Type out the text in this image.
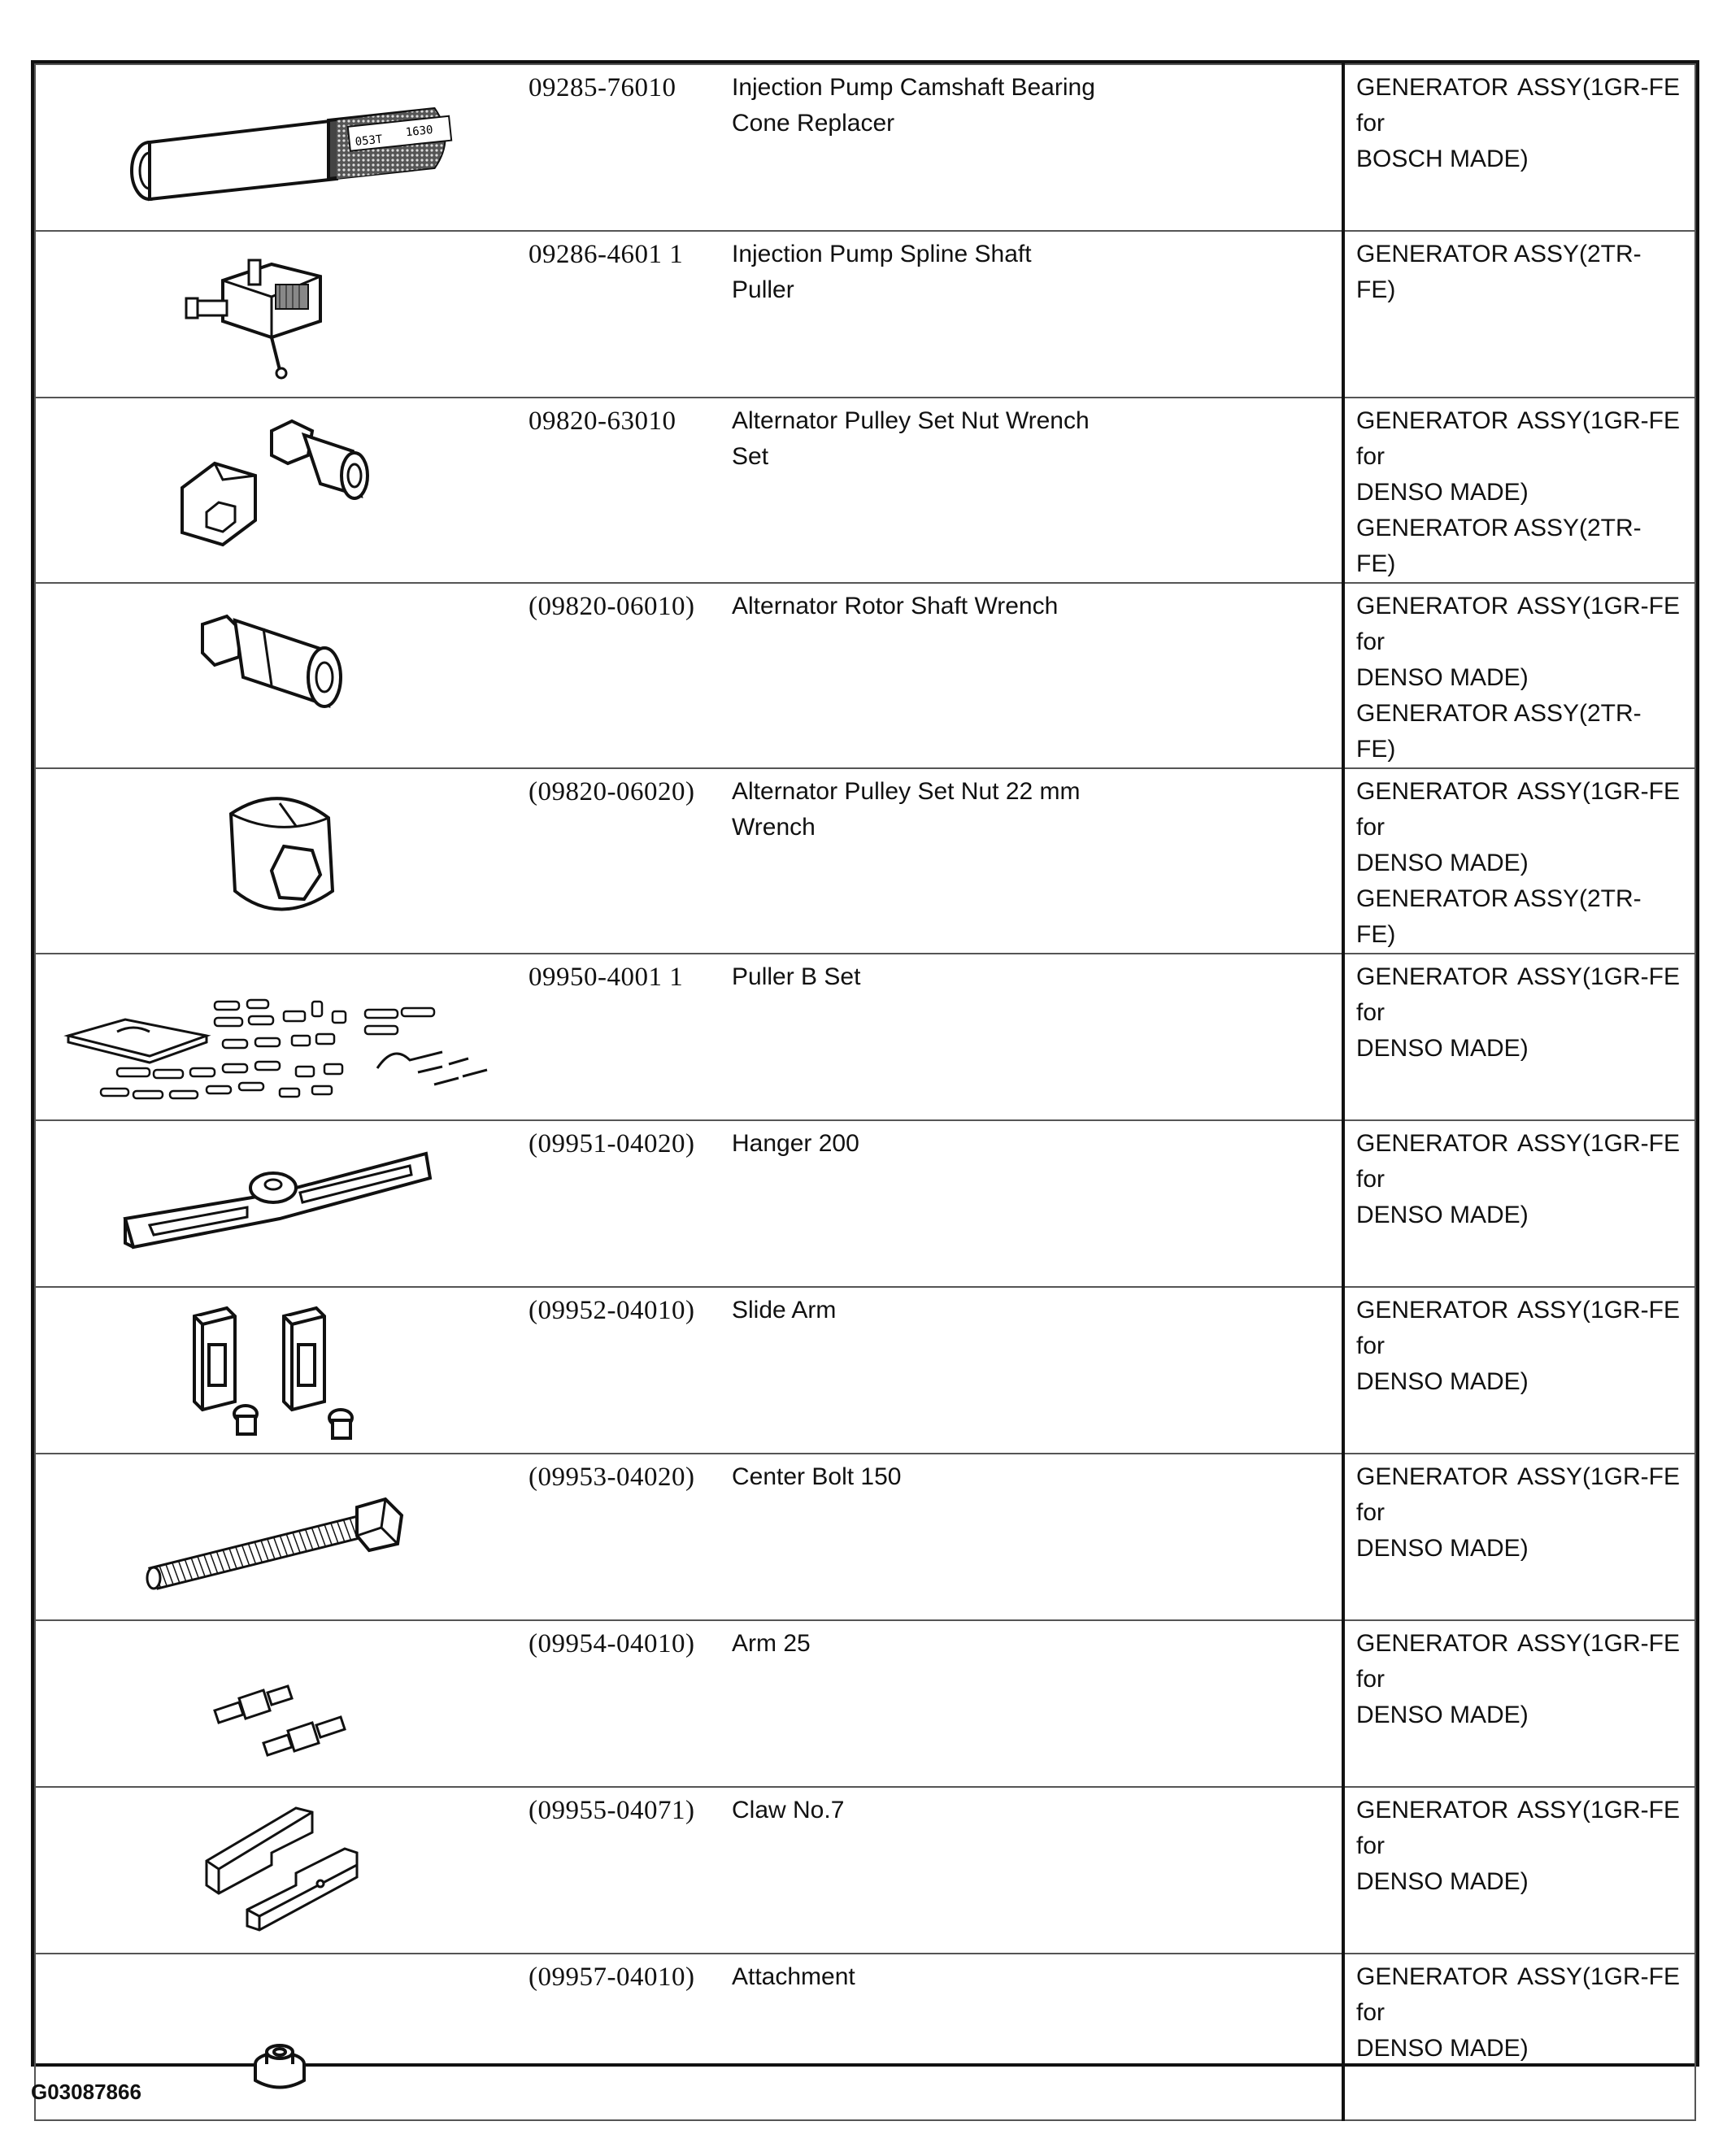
053T
1630	09285-76010	Injection Pump Camshaft Bearing
Cone Replacer	GENERATOR ASSY(1GR-FE for
BOSCH MADE)

	09286-4601 1	Injection Pump Spline Shaft
Puller	GENERATOR ASSY(2TR-FE)

	09820-63010	Alternator Pulley Set Nut Wrench
Set	GENERATOR ASSY(1GR-FE for
DENSO MADE)
GENERATOR ASSY(2TR-FE)

	(09820-06010)	Alternator Rotor Shaft Wrench	GENERATOR ASSY(1GR-FE for
DENSO MADE)
GENERATOR ASSY(2TR-FE)

	(09820-06020)	Alternator Pulley Set Nut 22 mm
Wrench	GENERATOR ASSY(1GR-FE for
DENSO MADE)
GENERATOR ASSY(2TR-FE)

	09950-4001 1	Puller B Set	GENERATOR ASSY(1GR-FE for
DENSO MADE)

	(09951-04020)	Hanger 200	GENERATOR ASSY(1GR-FE for
DENSO MADE)

	(09952-04010)	Slide Arm	GENERATOR ASSY(1GR-FE for
DENSO MADE)

	(09953-04020)	Center Bolt 150	GENERATOR ASSY(1GR-FE for
DENSO MADE)

	(09954-04010)	Arm 25	GENERATOR ASSY(1GR-FE for
DENSO MADE)

	(09955-04071)	Claw No.7	GENERATOR ASSY(1GR-FE for
DENSO MADE)

	(09957-04010)	Attachment	GENERATOR ASSY(1GR-FE for
DENSO MADE)
G03087866
